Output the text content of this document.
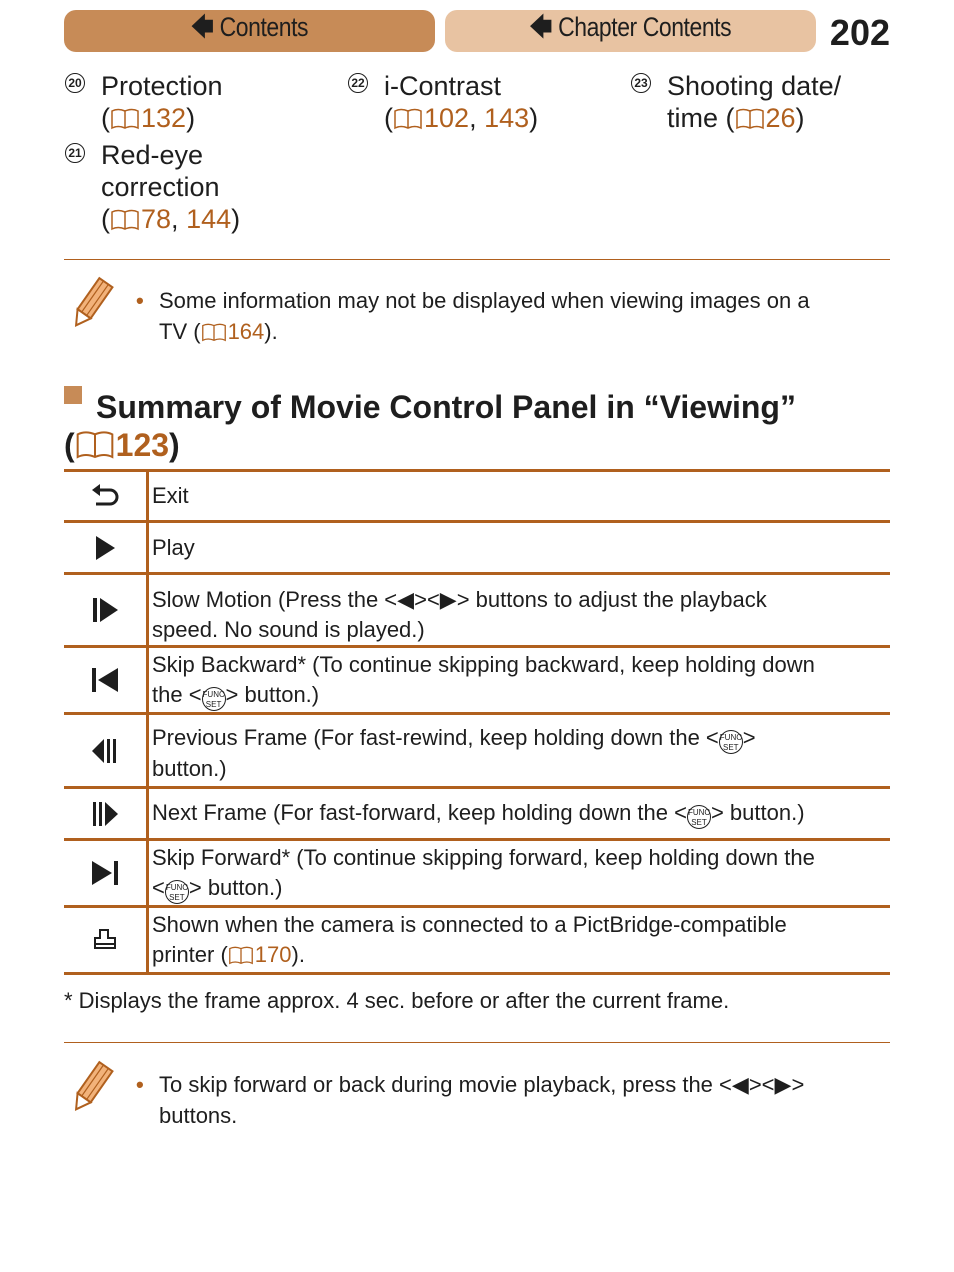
🡄 Contents	🡄 Chapter Contents	202
20 Protection
( 132)
21 Red-eye
correction
( 78, 144)
22 i-Contrast
( 102, 143)
23 Shooting date/
time ( 26)
• Some information may not be displayed when viewing images on a
TV ( 164).
Summary of Movie Control Panel in “Viewing”
( 123)
Exit
Play
Slow Motion (Press the <◀><▶> buttons to adjust the playback
speed. No sound is played.)
Skip Backward* (To continue skipping backward, keep holding down
the <FUNC
SET > button.)
Previous Frame (For fast-rewind, keep holding down the <FUNC
SET >
button.)
Next Frame (For fast-forward, keep holding down the <FUNC
SET > button.)
Skip Forward* (To continue skipping forward, keep holding down the
<FUNC
SET > button.)
Shown when the camera is connected to a PictBridge-compatible
printer ( 170).
* Displays the frame approx. 4 sec. before or after the current frame.
• To skip forward or back during movie playback, press the <◀><▶>
buttons.
